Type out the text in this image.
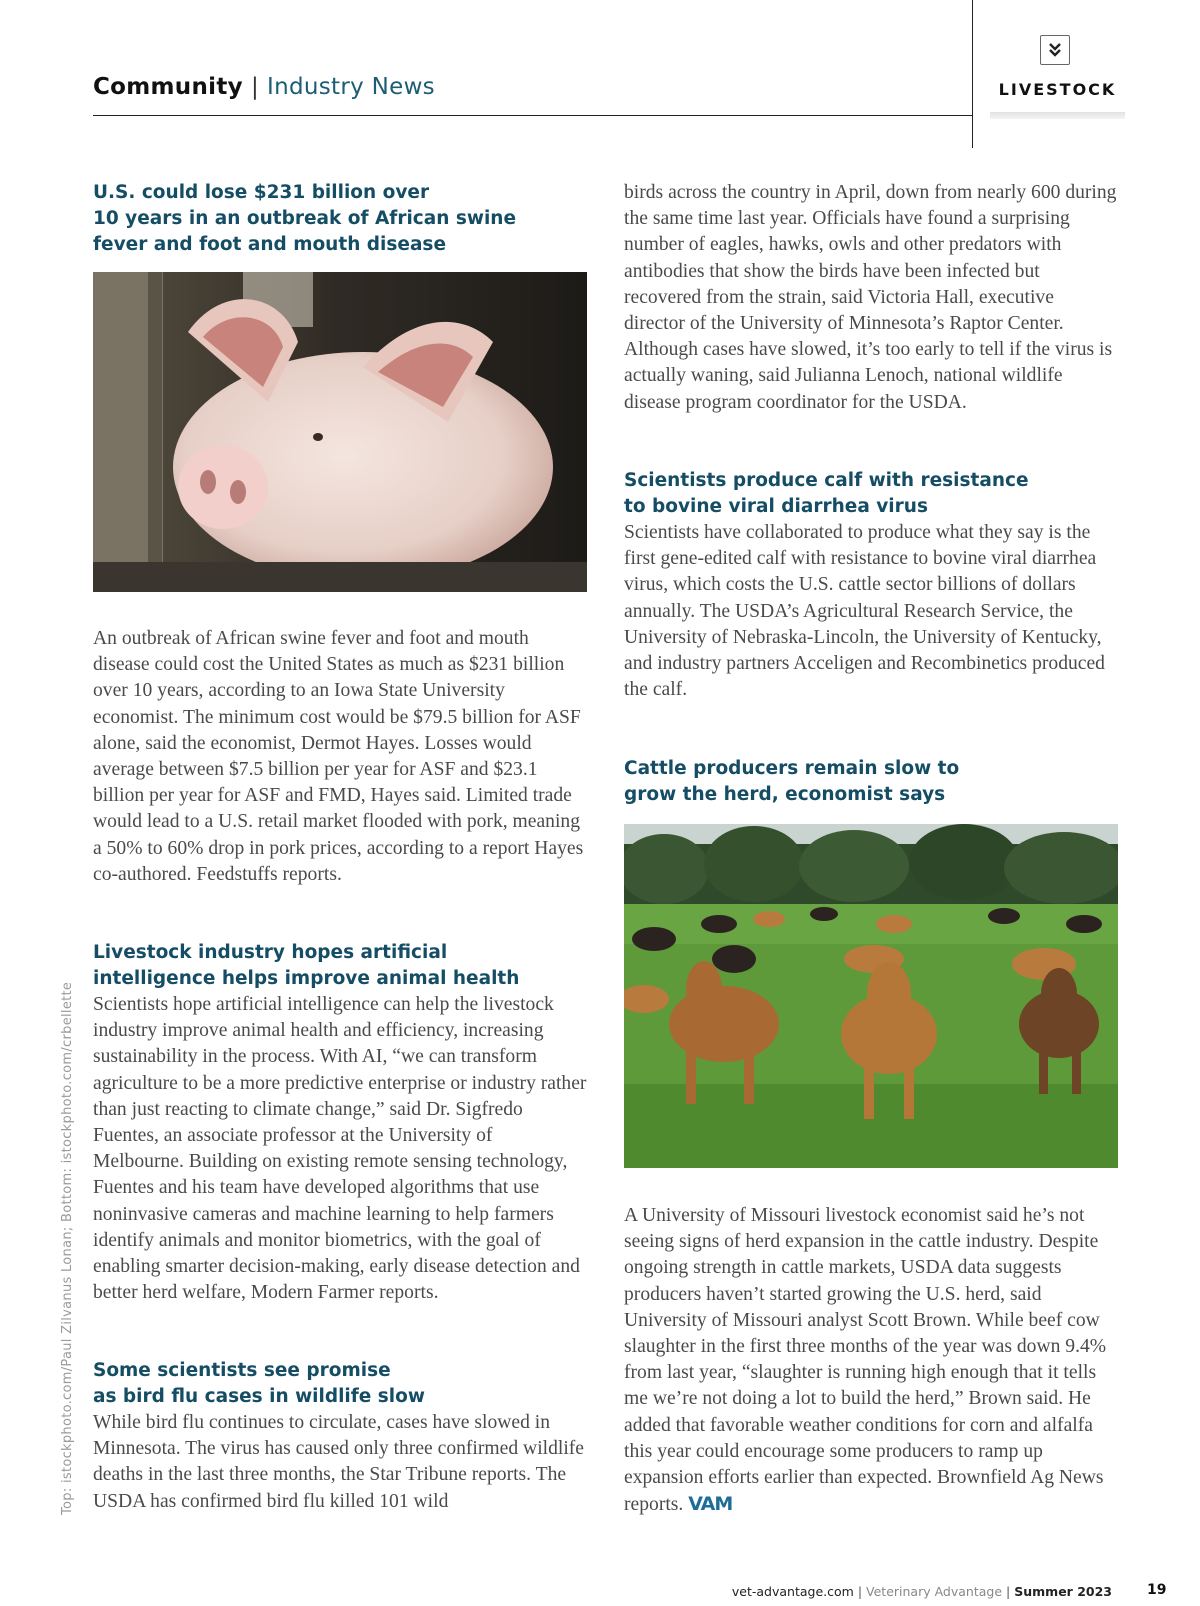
Community | Industry News	LIVESTOCK
U.S. could lose $231 billion over
10 years in an outbreak of African swine
fever and foot and mouth disease
An outbreak of African swine fever and foot and mouth disease could cost the United States as much as $231 billion over 10 years, according to an Iowa State University economist. The minimum cost would be $79.5 billion for ASF alone, said the economist, Dermot Hayes. Losses would average between $7.5 billion per year for ASF and $23.1 billion per year for ASF and FMD, Hayes said. Limited trade would lead to a U.S. retail market flooded with pork, meaning a 50% to 60% drop in pork prices, according to a report Hayes co-authored. Feedstuffs reports.
Livestock industry hopes artificial
intelligence helps improve animal health
Scientists hope artificial intelligence can help the livestock industry improve animal health and efficiency, increasing sustainability in the process. With AI, “we can transform agriculture to be a more predictive enterprise or industry rather than just reacting to climate change,” said Dr. Sigfredo Fuentes, an associate professor at the University of Melbourne. Building on existing remote sensing technology, Fuentes and his team have developed algorithms that use noninvasive cameras and machine learning to help farmers identify animals and monitor biometrics, with the goal of enabling smarter decision-making, early disease detection and better herd welfare, Modern Farmer reports.
Some scientists see promise
as bird flu cases in wildlife slow
While bird flu continues to circulate, cases have slowed in Minnesota. The virus has caused only three confirmed wildlife deaths in the last three months, the Star Tribune reports. The USDA has confirmed bird flu killed 101 wild
birds across the country in April, down from nearly 600 during the same time last year. Officials have found a surprising number of eagles, hawks, owls and other predators with antibodies that show the birds have been infected but recovered from the strain, said Victoria Hall, executive director of the University of Minnesota’s Raptor Center. Although cases have slowed, it’s too early to tell if the virus is actually waning, said Julianna Lenoch, national wildlife disease program coordinator for the USDA.
Scientists produce calf with resistance
to bovine viral diarrhea virus
Scientists have collaborated to produce what they say is the first gene-edited calf with resistance to bovine viral diarrhea virus, which costs the U.S. cattle sector billions of dollars annually. The USDA’s Agricultural Research Service, the University of Nebraska-Lincoln, the University of Kentucky, and industry partners Acceligen and Recombinetics produced the calf.
Cattle producers remain slow to
grow the herd, economist says
A University of Missouri livestock economist said he’s not seeing signs of herd expansion in the cattle industry. Despite ongoing strength in cattle markets, USDA data suggests producers haven’t started growing the U.S. herd, said University of Missouri analyst Scott Brown. While beef cow slaughter in the first three months of the year was down 9.4% from last year, “slaughter is running high enough that it tells me we’re not doing a lot to build the herd,” Brown said. He added that favorable weather conditions for corn and alfalfa this year could encourage some producers to ramp up expansion efforts earlier than expected. Brownfield Ag News reports. VAM
Top: istockphoto.com/Paul Zilvanus Lonan; Bottom: istockphoto.com/crbellette
vet-advantage.com | Veterinary Advantage | Summer 2023	19
